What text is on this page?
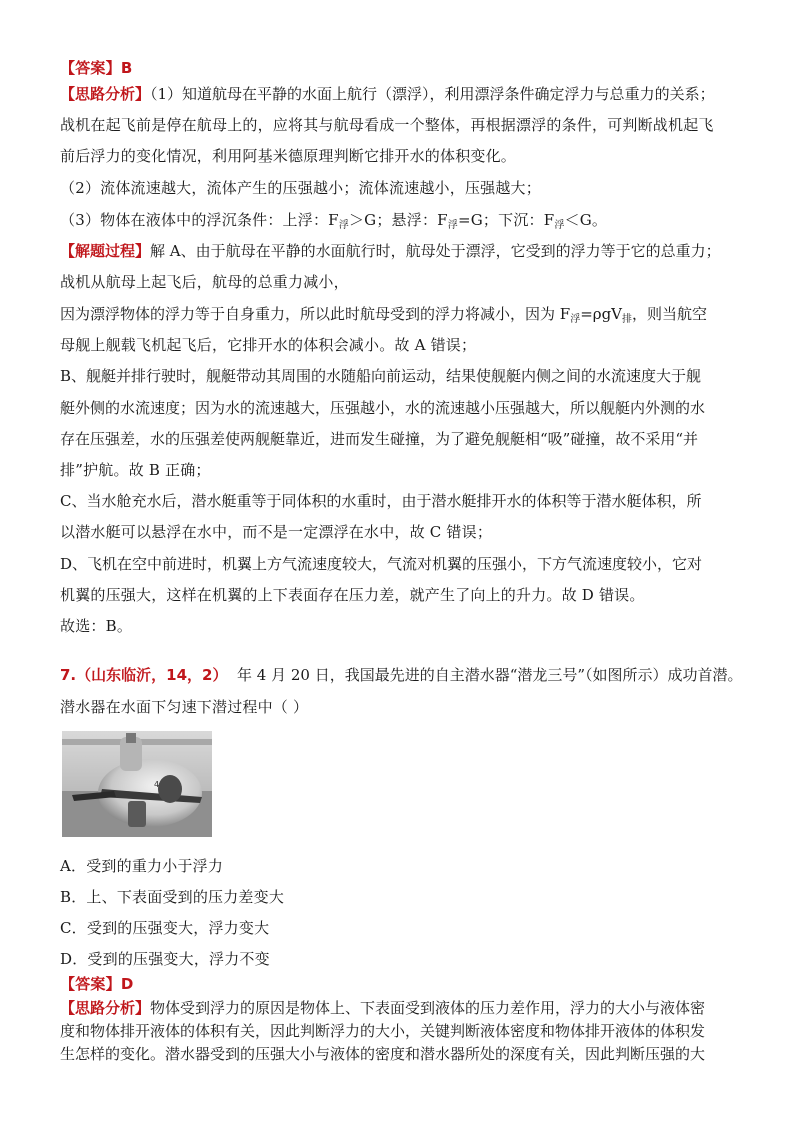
【答案】B
【思路分析】（1）知道航母在平静的水面上航行（漂浮），利用漂浮条件确定浮力与总重力的关系；
战机在起飞前是停在航母上的，应将其与航母看成一个整体，再根据漂浮的条件，可判断战机起飞
前后浮力的变化情况，利用阿基米德原理判断它排开水的体积变化。
（2）流体流速越大，流体产生的压强越小；流体流速越小，压强越大；
（3）物体在液体中的浮沉条件：上浮：$F_浮>G$；悬浮：$F_浮=G$；下沉：$F_浮<G$。
【解题过程】解 A、由于航母在平静的水面航行时，航母处于漂浮，它受到的浮力等于它的总重力；
战机从航母上起飞后，航母的总重力减小，
因为漂浮物体的浮力等于自身重力，所以此时航母受到的浮力将减小，因为 $F_浮=\rho gV_排$，则当航空
母舰上舰载飞机起飞后，它排开水的体积会减小。故 A 错误；
B、舰艇并排行驶时，舰艇带动其周围的水随船向前运动，结果使舰艇内侧之间的水流速度大于舰
艇外侧的水流速度；因为水的流速越大，压强越小，水的流速越小压强越大，所以舰艇内外测的水
存在压强差，水的压强差使两舰艇靠近，进而发生碰撞，为了避免舰艇相“吸”碰撞，故不采用“并
排”护航。故 B 正确；
C、当水舱充水后，潜水艇重等于同体积的水重时，由于潜水艇排开水的体积等于潜水艇体积，所
以潜水艇可以悬浮在水中，而不是一定漂浮在水中，故 C 错误；
D、飞机在空中前进时，机翼上方气流速度较大，气流对机翼的压强小，下方气流速度较小，它对
机翼的压强大，这样在机翼的上下表面存在压力差，就产生了向上的升力。故 D 错误。
故选：B。
7.（山东临沂，14，2） 年 4 月 20 日，我国最先进的自主潜水器“潜龙三号”（如图所示）成功首潜。
潜水器在水面下匀速下潜过程中（ ）
4
A．受到的重力小于浮力
B．上、下表面受到的压力差变大
C．受到的压强变大，浮力变大
D．受到的压强变大，浮力不变
【答案】D
【思路分析】物体受到浮力的原因是物体上、下表面受到液体的压力差作用，浮力的大小与液体密
度和物体排开液体的体积有关，因此判断浮力的大小，关键判断液体密度和物体排开液体的体积发
生怎样的变化。潜水器受到的压强大小与液体的密度和潜水器所处的深度有关，因此判断压强的大
